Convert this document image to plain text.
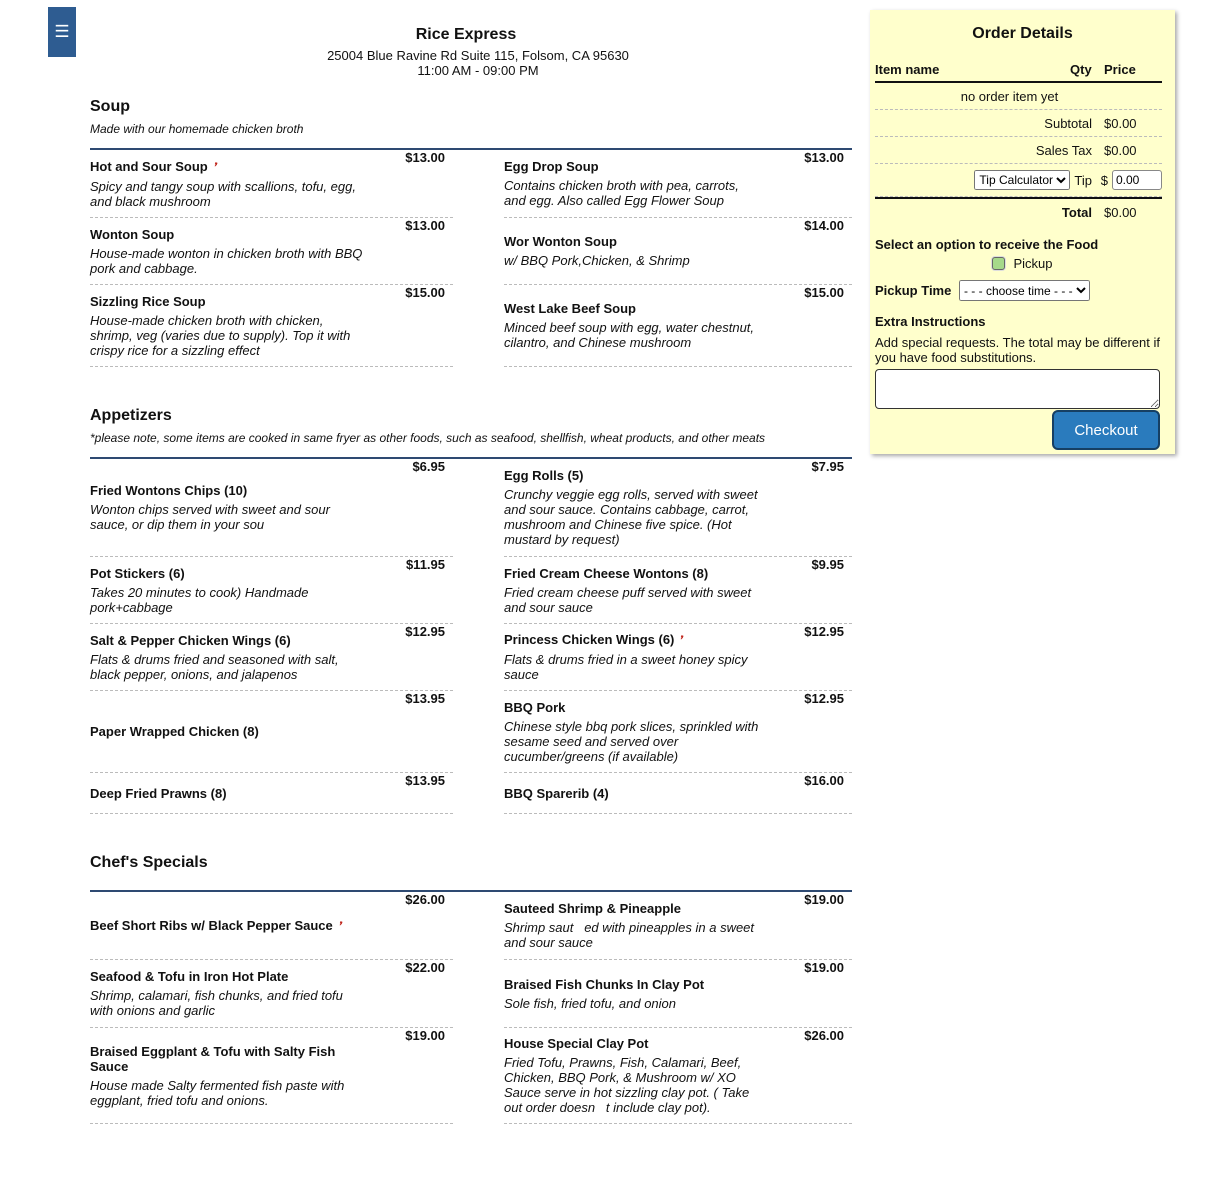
☰	Rice Express
25004 Blue Ravine Rd Suite 115, Folsom, CA 95630
11:00 AM - 09:00 PM
Soup
Made with our homemade chicken broth
Hot and Sour Soup ❜
Spicy and tangy soup with scallions, tofu, egg, and black mushroom
$13.00
Wonton Soup
House-made wonton in chicken broth with BBQ pork and cabbage.
$13.00
Sizzling Rice Soup
House-made chicken broth with chicken, shrimp, veg (varies due to supply). Top it with crispy rice for a sizzling effect
$15.00
Egg Drop Soup
Contains chicken broth with pea, carrots, and egg. Also called Egg Flower Soup
$13.00
Wor Wonton Soup
w/ BBQ Pork,Chicken, & Shrimp
$14.00
West Lake Beef Soup
Minced beef soup with egg, water chestnut, cilantro, and Chinese mushroom
$15.00
Appetizers
*please note, some items are cooked in same fryer as other foods, such as seafood, shellfish, wheat products, and other meats
Fried Wontons Chips (10)
Wonton chips served with sweet and sour sauce, or dip them in your sou
$6.95
Pot Stickers (6)
Takes 20 minutes to cook) Handmade pork+cabbage
$11.95
Salt & Pepper Chicken Wings (6)
Flats & drums fried and seasoned with salt, black pepper, onions, and jalapenos
$12.95
Paper Wrapped Chicken (8)
$13.95
Deep Fried Prawns (8)
$13.95
Egg Rolls (5)
Crunchy veggie egg rolls, served with sweet and sour sauce. Contains cabbage, carrot, mushroom and Chinese five spice. (Hot mustard by request)
$7.95
Fried Cream Cheese Wontons (8)
Fried cream cheese puff served with sweet and sour sauce
$9.95
Princess Chicken Wings (6) ❜
Flats & drums fried in a sweet honey spicy sauce
$12.95
BBQ Pork
Chinese style bbq pork slices, sprinkled with sesame seed and served over cucumber/greens (if available)
$12.95
BBQ Sparerib (4)
$16.00
Chef's Specials
Beef Short Ribs w/ Black Pepper Sauce ❜
$26.00
Seafood & Tofu in Iron Hot Plate
Shrimp, calamari, fish chunks, and fried tofu with onions and garlic
$22.00
Braised Eggplant & Tofu with Salty Fish Sauce
House made Salty fermented fish paste with eggplant, fried tofu and onions.
$19.00
Sauteed Shrimp & Pineapple
Shrimp saut   ed with pineapples in a sweet and sour sauce
$19.00
Braised Fish Chunks In Clay Pot
Sole fish, fried tofu, and onion
$19.00
House Special Clay Pot
Fried Tofu, Prawns, Fish, Calamari, Beef, Chicken, BBQ Pork, & Mushroom w/ XO Sauce serve in hot sizzling clay pot. ( Take out order doesn   t include clay pot).
$26.00
Order Details
Item name	Qty Price
no order item yet
Subtotal $0.00
Sales Tax $0.00
Tip Calculator
Tip $
0.00
Total $0.00
Select an option to receive the Food
Pickup
Pickup Time
- - - choose time - - -
Extra Instructions
Add special requests. The total may be different if you have food substitutions.
Checkout
